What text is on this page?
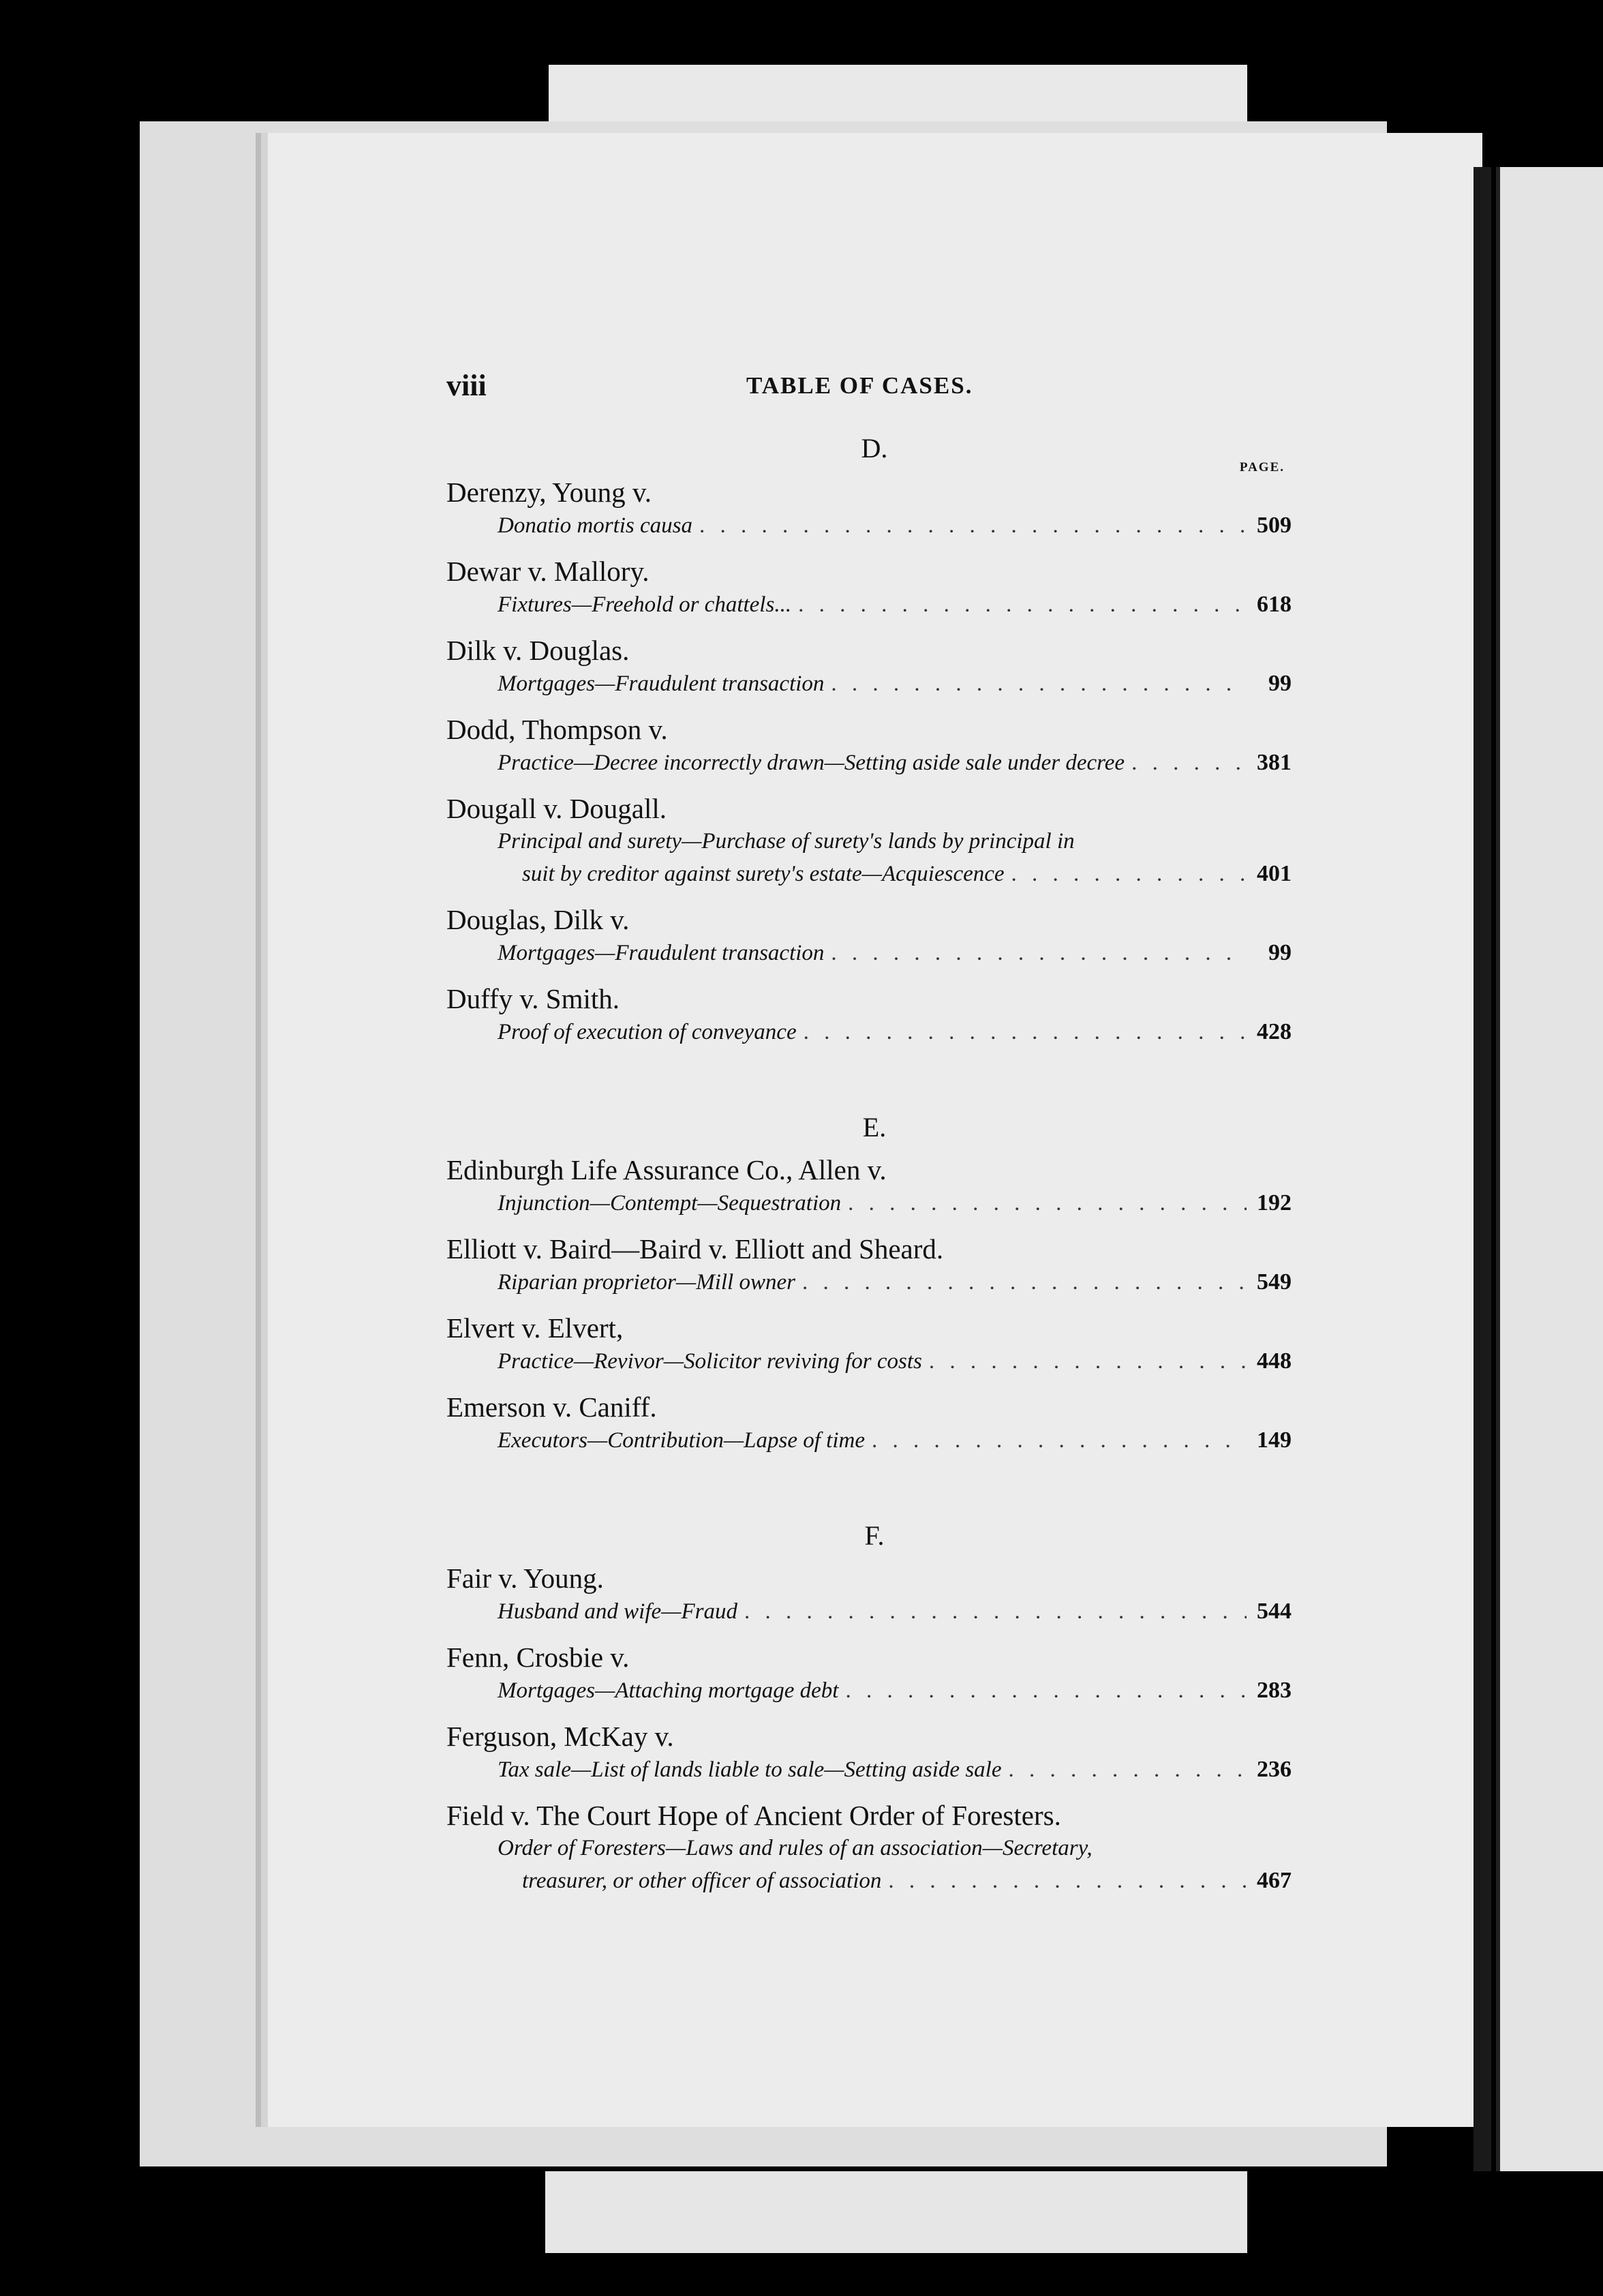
viii	TABLE OF CASES.
D.
PAGE.
Derenzy, Young v.
Donatio mortis causa . . .	509
Dewar v. Mallory.
Fixtures—Freehold or chattels... . . .	618
Dilk v. Douglas.
Mortgages—Fraudulent transaction . . .	99
Dodd, Thompson v.
Practice—Decree incorrectly drawn—Setting aside sale under decree . . .	381
Dougall v. Dougall.
Principal and surety—Purchase of surety's lands by principal in
suit by creditor against surety's estate—Acquiescence . . .	401
Douglas, Dilk v.
Mortgages—Fraudulent transaction . . .	99
Duffy v. Smith.
Proof of execution of conveyance . . .	428
E.
Edinburgh Life Assurance Co., Allen v.
Injunction—Contempt—Sequestration . . .	192
Elliott v. Baird—Baird v. Elliott and Sheard.
Riparian proprietor—Mill owner . . .	549
Elvert v. Elvert,
Practice—Revivor—Solicitor reviving for costs . . .	448
Emerson v. Caniff.
Executors—Contribution—Lapse of time . . .	149
F.
Fair v. Young.
Husband and wife—Fraud . . .	544
Fenn, Crosbie v.
Mortgages—Attaching mortgage debt . . .	283
Ferguson, McKay v.
Tax sale—List of lands liable to sale—Setting aside sale . . .	236
Field v. The Court Hope of Ancient Order of Foresters.
Order of Foresters—Laws and rules of an association—Secretary,
treasurer, or other officer of association . . .	467
